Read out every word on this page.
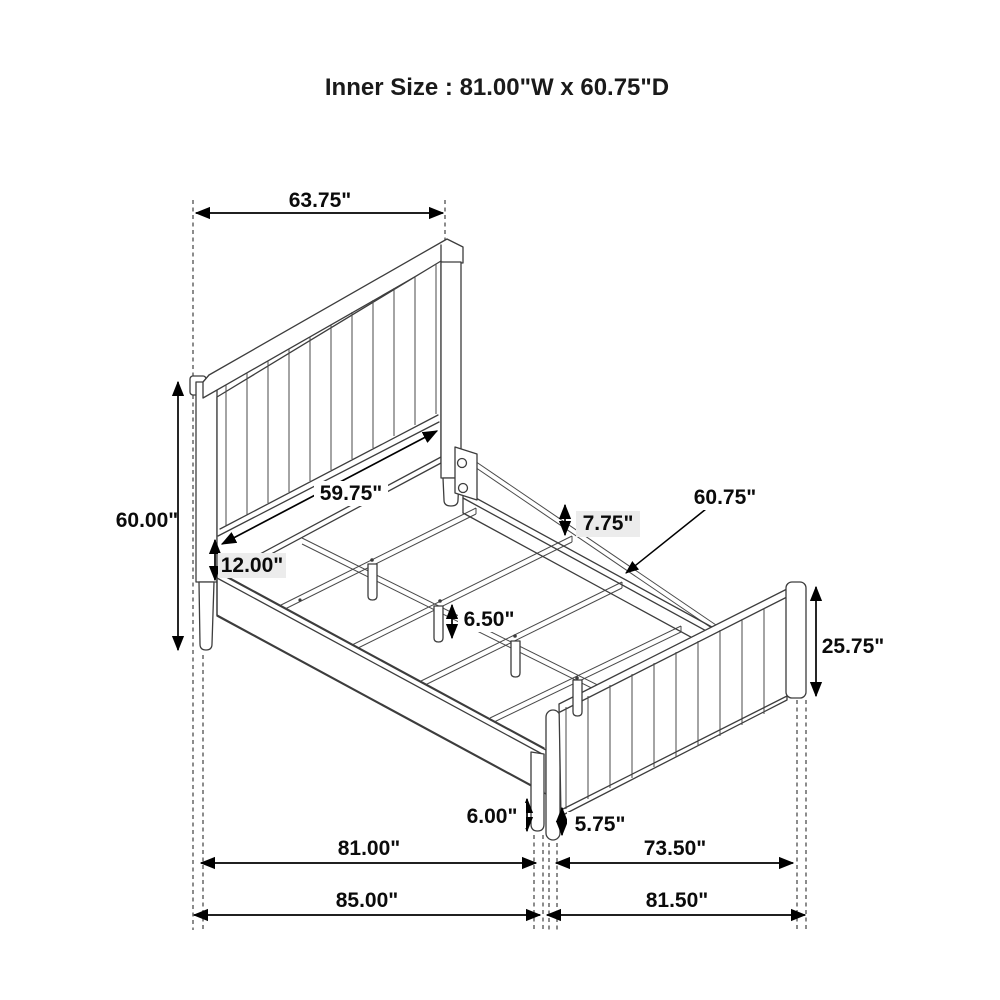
Inner Size : 81.00"W x 60.75"D
63.75"
60.00"
59.75"
12.00"
7.75"
60.75"
6.50"
25.75"
6.00"	5.75"
81.00"	73.50"
85.00"	81.50"
